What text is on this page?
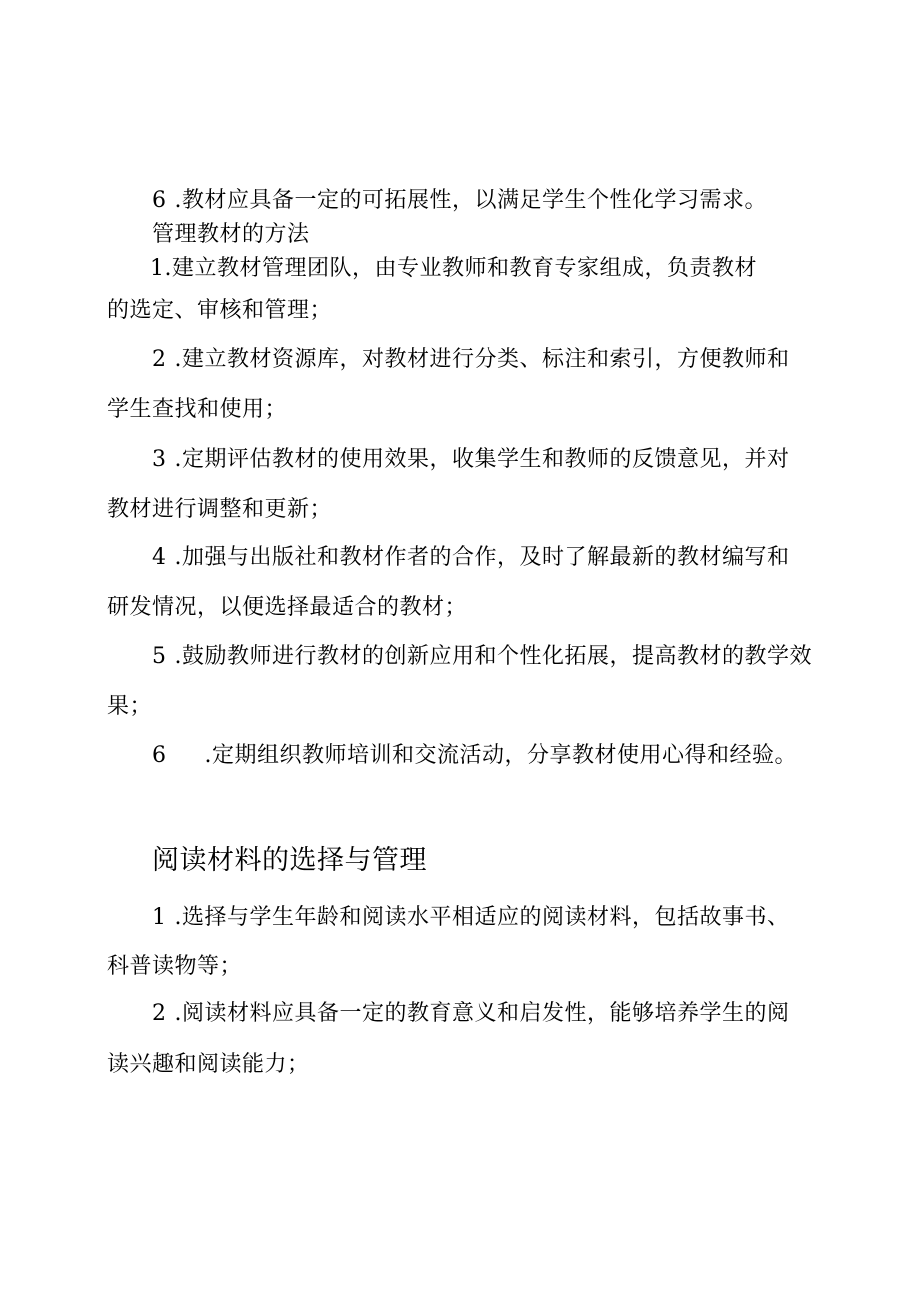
6 .教材应具备一定的可拓展性，以满足学生个性化学习需求。
管理教材的方法
1.建立教材管理团队，由专业教师和教育专家组成，负责教材
的选定、审核和管理；
2 .建立教材资源库，对教材进行分类、标注和索引，方便教师和
学生查找和使用；
3 .定期评估教材的使用效果，收集学生和教师的反馈意见，并对
教材进行调整和更新；
4 .加强与出版社和教材作者的合作，及时了解最新的教材编写和
研发情况，以便选择最适合的教材；
5 .鼓励教师进行教材的创新应用和个性化拓展，提高教材的教学效
果；
6 .定期组织教师培训和交流活动，分享教材使用心得和经验。
阅读材料的选择与管理
1 .选择与学生年龄和阅读水平相适应的阅读材料，包括故事书、
科普读物等；
2 .阅读材料应具备一定的教育意义和启发性，能够培养学生的阅
读兴趣和阅读能力；
